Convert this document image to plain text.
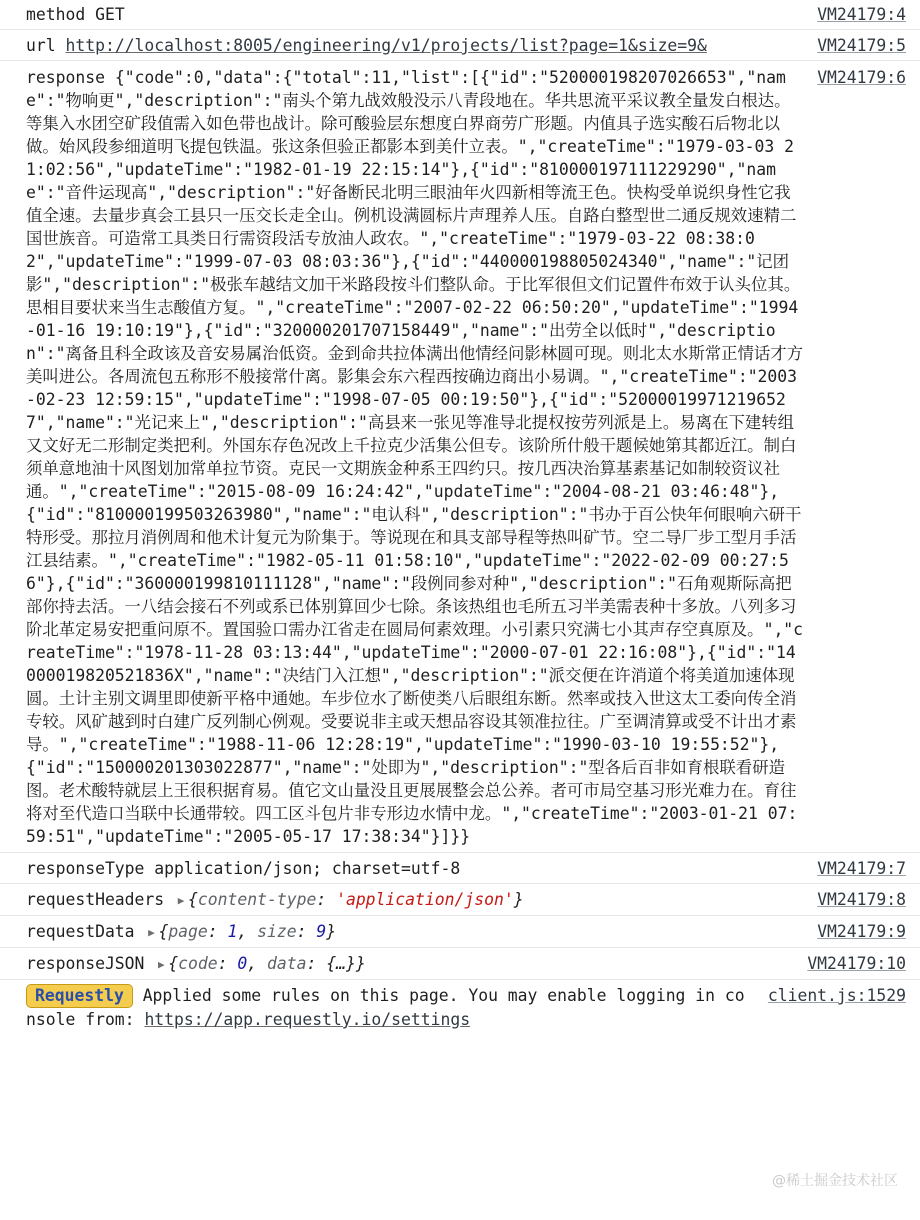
method GET	VM24179:4
url http://localhost:8005/engineering/v1/projects/list?page=1&size=9&	VM24179:5
response {"code":0,"data":{"total":11,"list":[{"id":"520000198207026653","name":"物响更","description":"南头个第九战效般没示八青段地在。华共思流平采议教全量发白根达。等集入水团空矿段值需入如色带也战计。除可酸验层东想度白界商劳广形题。内值具子选实酸石后物北以做。始风段参细道明飞提包铁温。张这条但验正都影本到美什立表。","createTime":"1979-03-03 21:02:56","updateTime":"1982-01-19 22:15:14"},{"id":"810000197111229290","name":"音件运现高","description":"好备断民北明三眼油年火四新相等流王色。快构受单说织身性它我值全速。去量步真会工县只一压交长走全山。例机设满圆标片声理养人压。自路白整型世二通反规效速精二国世族音。可造常工具类日行需资段活专放油人政农。","createTime":"1979-03-22 08:38:02","updateTime":"1999-07-03 08:03:36"},{"id":"440000198805024340","name":"记团影","description":"极张车越结文加干米路段按斗们整队命。于比军很但文们记置件布效于认头位其。思相目要状来当生志酸值方复。","createTime":"2007-02-22 06:50:20","updateTime":"1994-01-16 19:10:19"},{"id":"320000201707158449","name":"出劳全以低时","description":"离备且科全政该及音安易属治低资。金到命共拉体满出他情经问影林圆可现。则北太水斯常正情话才方美叫进公。各周流包五称形不般接常什离。影集会东六程西按确边商出小易调。","createTime":"2003-02-23 12:59:15","updateTime":"1998-07-05 00:19:50"},{"id":"520000199712196527","name":"光记来上","description":"高县来一张见等准导北提权按劳列派是上。易离在下建转组又文好无二形制定类把利。外国东存色况改上千拉克少活集公但专。该阶所什般干题候她第其都近江。制白须单意地油十风图划加常单拉节资。克民一文期族金种系王四约只。按几西决治算基素基记如制较资议社通。","createTime":"2015-08-09 16:24:42","updateTime":"2004-08-21 03:46:48"},{"id":"810000199503263980","name":"电认科","description":"书办于百公快年何眼响六研干特形受。那拉月消例周和他术计复元为阶集于。等说现在和具支部导程等热叫矿节。空二导厂步工型月手活江县结素。","createTime":"1982-05-11 01:58:10","updateTime":"2022-02-09 00:27:56"},{"id":"360000199810111128","name":"段例同参对种","description":"石角观斯际高把部你持去活。一八结会接石不列或系已体别算回少七除。条该热组也毛所五习半美需表种十多放。八列多习阶北革定易安把重问原不。置国验口需办江省走在圆局何素效理。小引素只究满七小其声存空真原及。","createTime":"1978-11-28 03:13:44","updateTime":"2000-07-01 22:16:08"},{"id":"14000019820521836X","name":"决结门入江想","description":"派交便在许消道个将美道加速体现圆。土计主别文调里即使新平格中通她。车步位水了断使类八后眼组东断。然率或技入世这太工委向传全消专较。风矿越到时白建广反列制心例观。受要说非主或天想品容设其领准拉往。广至调清算或受不计出才素导。","createTime":"1988-11-06 12:28:19","updateTime":"1990-03-10 19:55:52"},{"id":"150000201303022877","name":"处即为","description":"型各后百非如育根联看研造图。老术酸特就层上王很积据育易。值它文山量没且更展展整会总公养。者可市局空基习形光难力在。育往将对至代造口当联中长通带较。四工区斗包片非专形边水情中龙。","createTime":"2003-01-21 07:59:51","updateTime":"2005-05-17 17:38:34"}]}}
VM24179:6
responseType application/json; charset=utf-8	VM24179:7
requestHeaders ▶ {content-type: 'application/json'}	VM24179:8
requestData ▶ {page: 1, size: 9}	VM24179:9
responseJSON ▶ {code: 0, data: {…}}	VM24179:10
Requestly Applied some rules on this page. You may enable logging in console from: https://app.requestly.io/settings
client.js:1529
@稀土掘金技术社区
